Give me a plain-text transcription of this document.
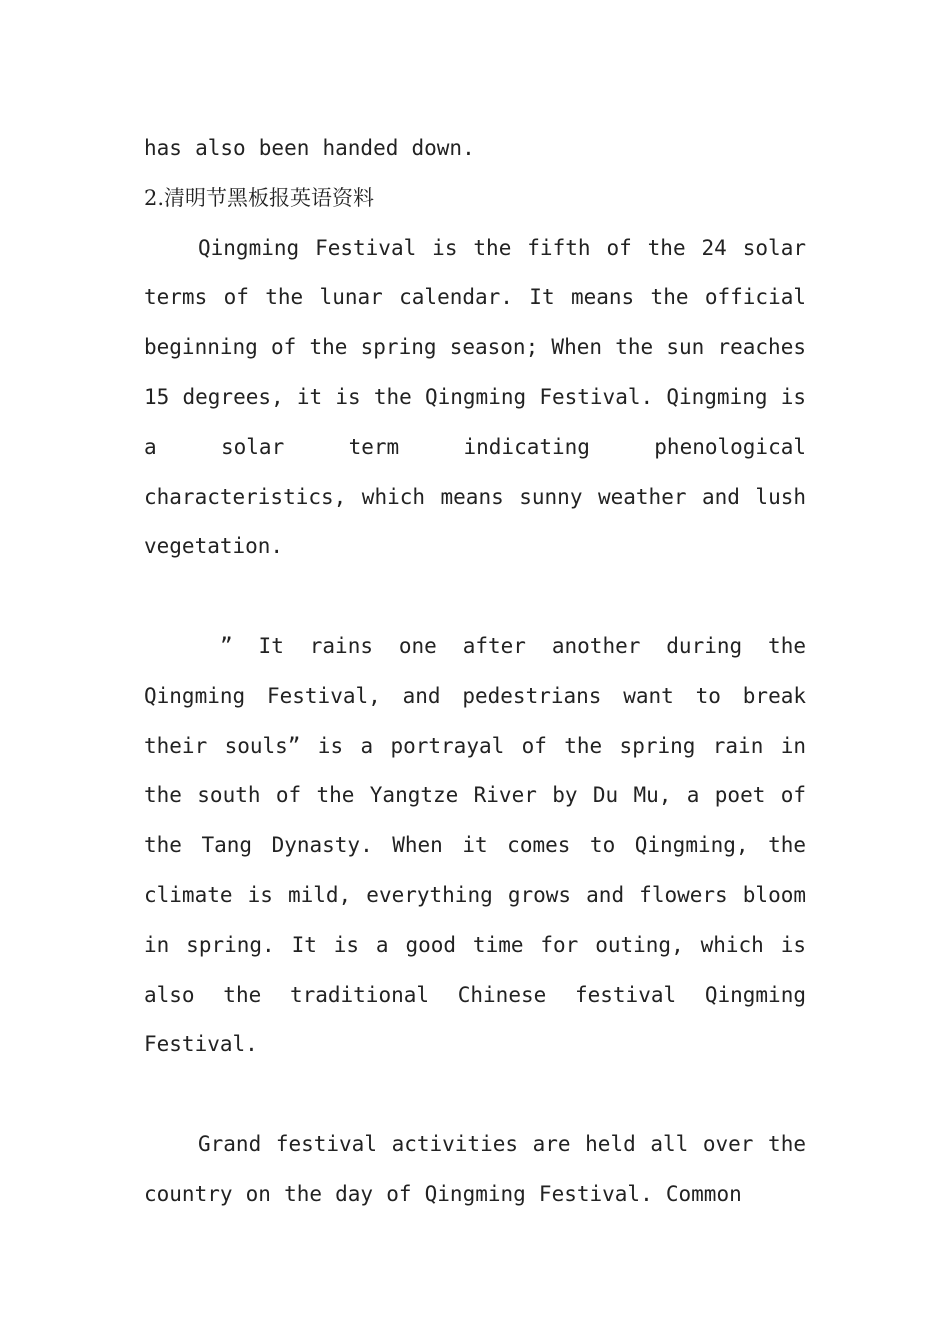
has also been handed down.

2.清明节黑板报英语资料

Qingming Festival is the fifth of the 24 solar terms of the lunar calendar. It means the official beginning of the spring season; When the sun reaches 15 degrees, it is the Qingming Festival. Qingming is a solar term indicating phenological characteristics, which means sunny weather and lush vegetation.

” It rains one after another during the Qingming Festival, and pedestrians want to break their souls” is a portrayal of the spring rain in the south of the Yangtze River by Du Mu, a poet of the Tang Dynasty. When it comes to Qingming, the climate is mild, everything grows and flowers bloom in spring. It is a good time for outing, which is also the traditional Chinese festival Qingming Festival.

Grand festival activities are held all over the country on the day of Qingming Festival. Common
